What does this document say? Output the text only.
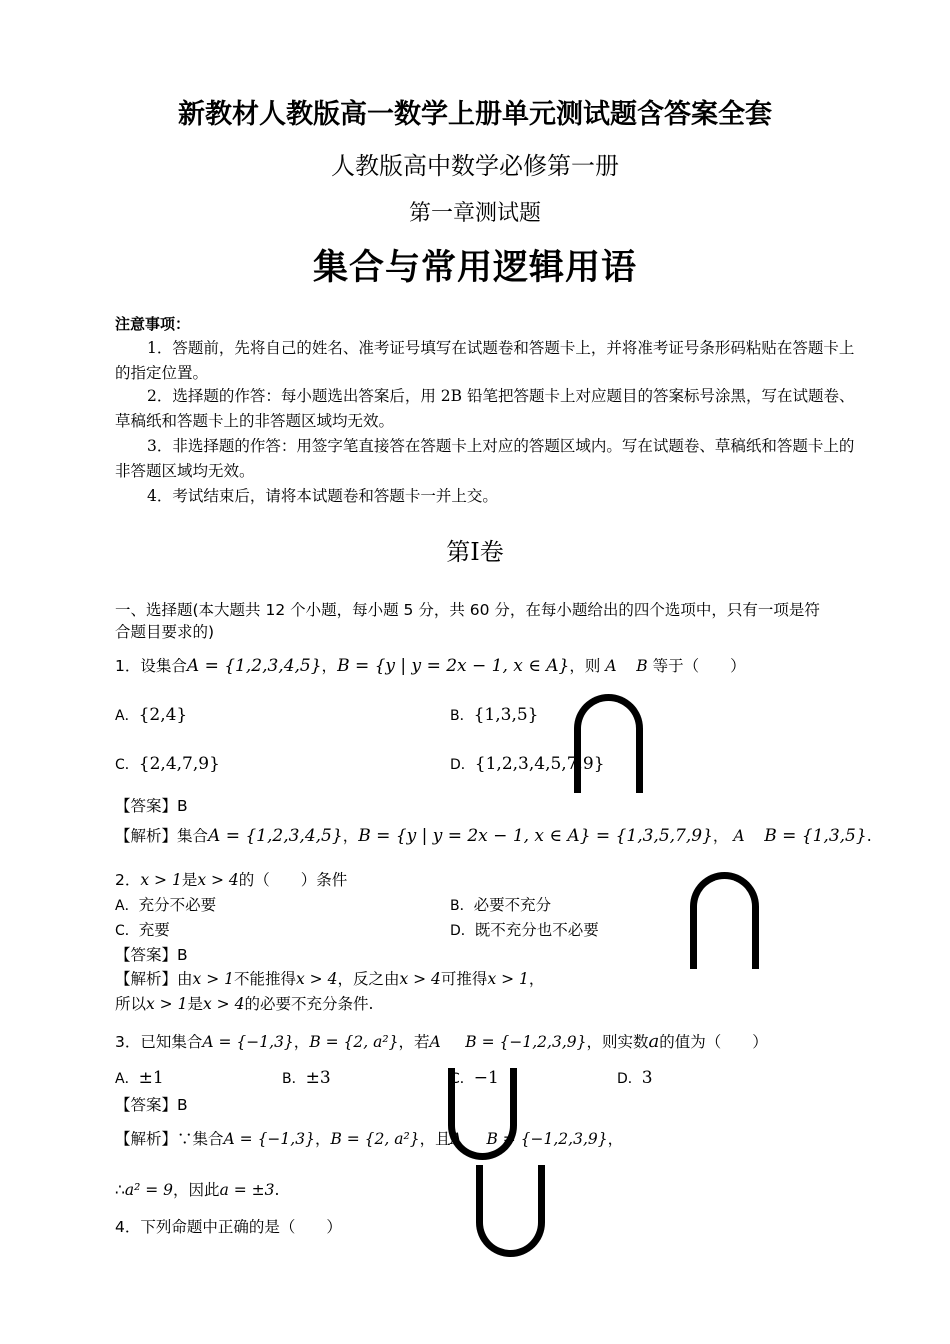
新教材人教版高一数学上册单元测试题含答案全套
人教版高中数学必修第一册
第一章测试题
集合与常用逻辑用语
注意事项：
1．答题前，先将自己的姓名、准考证号填写在试题卷和答题卡上，并将准考证号条形码粘贴在答题卡上的指定位置。
2．选择题的作答：每小题选出答案后，用 2B 铅笔把答题卡上对应题目的答案标号涂黑，写在试题卷、草稿纸和答题卡上的非答题区域均无效。
3．非选择题的作答：用签字笔直接答在答题卡上对应的答题区域内。写在试题卷、草稿纸和答题卡上的非答题区域均无效。
4．考试结束后，请将本试题卷和答题卡一并上交。
第Ⅰ卷
一、选择题(本大题共 12 个小题，每小题 5 分，共 60 分，在每小题给出的四个选项中，只有一项是符
合题目要求的)
1．设集合A = {1,2,3,4,5}，B = {y | y = 2x − 1, x ∈ A}，则 A B 等于（　　）
A．{2,4}	B．{1,3,5}
C．{2,4,7,9}	D．{1,2,3,4,5,7,9}
【答案】B
【解析】集合A = {1,2,3,4,5}，B = {y | y = 2x − 1, x ∈ A} = {1,3,5,7,9}， A B = {1,3,5}.
2．x > 1是x > 4的（　　）条件
A．充分不必要	B．必要不充分
C．充要	D．既不充分也不必要
【答案】B
【解析】由x > 1不能推得x > 4，反之由x > 4可推得x > 1，
所以x > 1是x > 4的必要不充分条件.
3．已知集合A = {−1,3}，B = {2, a²}，若A B = {−1,2,3,9}，则实数a的值为（　　）
A．±1	B．±3	C．−1	D．3
【答案】B
【解析】∵集合A = {−1,3}，B = {2, a²}，且A B = {−1,2,3,9}，
∴a² = 9，因此a = ±3.
4．下列命题中正确的是（　　）
